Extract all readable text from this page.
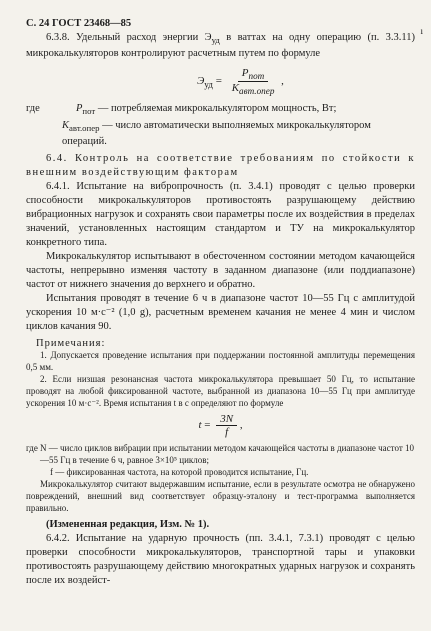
С. 24 ГОСТ 23468—85
ı

6.3.8. Удельный расход энергии $Э_{уд}$ в ваттах на одну операцию (п. 3.3.11) микрокалькуляторов контролируют расчетным путем по формуле

$Э_{уд} = \frac{P_{пот}}{K_{авт.опер}}$ ,
где	$P_{пот}$ — потребляемая микрокалькулятором мощность, Вт;
$K_{авт.опер}$ — число автоматически выполняемых микрокалькулятором операций.

6.4. Контроль на соответствие требованиям по стойкости к внешним воздействующим факторам

6.4.1. Испытание на вибропрочность (п. 3.4.1) проводят с целью проверки способности микрокалькуляторов противостоять разрушающему действию вибрационных нагрузок и сохранять свои параметры после их воздействия в пределах значений, установленных настоящим стандартом и ТУ на микрокалькулятор конкретного типа.

Микрокалькулятор испытывают в обесточенном состоянии методом качающейся частоты, непрерывно изменяя частоту в заданном диапазоне (или поддиапазоне) частот от нижнего значения до верхнего и обратно.

Испытания проводят в течение 6 ч в диапазоне частот 10—55 Гц с амплитудой ускорения 10 м·с⁻² (1,0 g), расчетным временем качания не менее 4 мин и числом циклов качания 90.

Примечания:
1. Допускается проведение испытания при поддержании постоянной амплитуды перемещения 0,5 мм.
2. Если низшая резонансная частота микрокалькулятора превышает 50 Гц, то испытание проводят на любой фиксированной частоте, выбранной из диапазона 10—55 Гц при амплитуде ускорения 10 м·с⁻². Время испытания t в с определяют по формуле
$t = \frac{3N}{f}$ ,
где N — число циклов вибрации при испытании методом качающейся частоты в диапазоне частот 10—55 Гц в течение 6 ч, равное 3×10⁵ циклов;
f — фиксированная частота, на которой проводится испытание, Гц.
Микрокалькулятор считают выдержавшим испытание, если в результате осмотра не обнаружено повреждений, внешний вид соответствует образцу-эталону и тест-программа выполняется правильно.

(Измененная редакция, Изм. № 1).

6.4.2. Испытание на ударную прочность (пп. 3.4.1, 7.3.1) проводят с целью проверки способности микрокалькуляторов, транспортной тары и упаковки противостоять разрушающему действию многократных ударных нагрузок и сохранять после их воздейст-
